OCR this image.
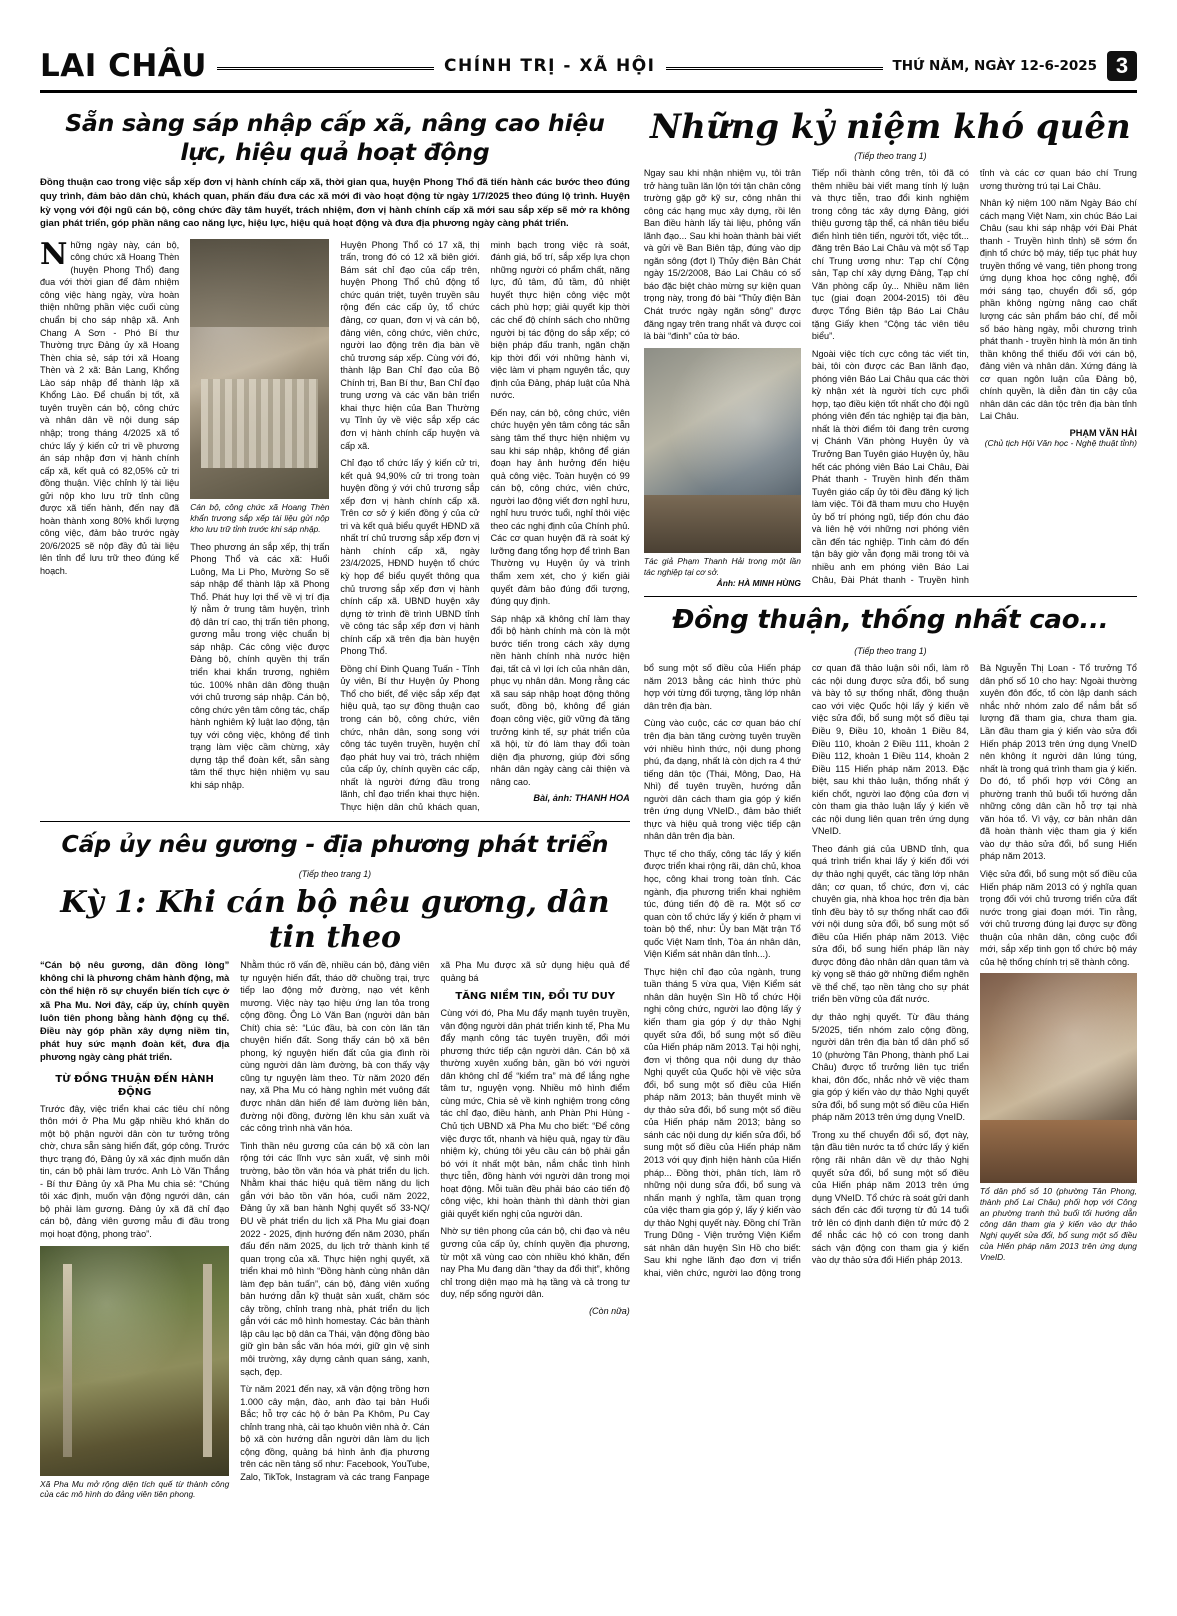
LAI CHÂU	CHÍNH TRỊ - XÃ HỘI	THỨ NĂM, NGÀY 12-6-2025 3
Sẵn sàng sáp nhập cấp xã, nâng cao hiệu lực, hiệu quả hoạt động
Đồng thuận cao trong việc sắp xếp đơn vị hành chính cấp xã, thời gian qua, huyện Phong Thổ đã tiến hành các bước theo đúng quy trình, đảm bảo dân chủ, khách quan, phấn đấu đưa các xã mới đi vào hoạt động từ ngày 1/7/2025 theo đúng lộ trình. Huyện kỳ vọng với đội ngũ cán bộ, công chức đầy tâm huyết, trách nhiệm, đơn vị hành chính cấp xã mới sau sắp xếp sẽ mở ra không gian phát triển, góp phần nâng cao năng lực, hiệu lực, hiệu quả hoạt động và đưa địa phương ngày càng phát triển.

Những ngày này, cán bộ, công chức xã Hoang Thèn (huyện Phong Thổ) đang đua với thời gian để đảm nhiệm công việc hàng ngày, vừa hoàn thiện những phần việc cuối cùng chuẩn bị cho sáp nhập xã. Anh Chang A Sơn - Phó Bí thư Thường trực Đảng ủy xã Hoang Thèn chia sẻ, sáp tới xã Hoang Thèn và 2 xã: Bản Lang, Khổng Lào sáp nhập để thành lập xã Khổng Lào. Để chuẩn bị tốt, xã tuyên truyền cán bộ, công chức và nhân dân về nội dung sáp nhập; trong tháng 4/2025 xã tổ chức lấy ý kiến cử tri về phương án sáp nhập đơn vị hành chính cấp xã, kết quả có 82,05% cử tri đồng thuận. Việc chỉnh lý tài liệu gửi nộp kho lưu trữ tỉnh cũng được xã tiến hành, đến nay đã hoàn thành xong 80% khối lượng công việc, đảm bảo trước ngày 20/6/2025 sẽ nộp đầy đủ tài liệu lên tỉnh để lưu trữ theo đúng kế hoạch.

Cán bộ, công chức xã Hoang Thèn khẩn trương sắp xếp tài liệu gửi nộp kho lưu trữ tỉnh trước khi sáp nhập.

Theo phương án sắp xếp, thị trấn Phong Thổ và các xã: Huổi Luông, Ma Li Pho, Mường So sẽ sáp nhập để thành lập xã Phong Thổ. Phát huy lợi thế về vị trí địa lý nằm ở trung tâm huyện, trình độ dân trí cao, thị trấn tiên phong, gương mẫu trong việc chuẩn bị sáp nhập. Các công việc được Đảng bộ, chính quyền thị trấn triển khai khẩn trương, nghiêm túc. 100% nhân dân đồng thuận với chủ trương sáp nhập. Cán bộ, công chức yên tâm công tác, chấp hành nghiêm kỷ luật lao động, tận tụy với công việc, không để tình trạng làm việc cầm chừng, xảy dựng tập thể đoàn kết, sẵn sàng tâm thế thực hiện nhiệm vụ sau khi sáp nhập.

Huyện Phong Thổ có 17 xã, thị trấn, trong đó có 12 xã biên giới. Bám sát chỉ đạo của cấp trên, huyện Phong Thổ chủ động tổ chức quán triệt, tuyên truyền sâu rộng đến các cấp ủy, tổ chức đảng, cơ quan, đơn vị và cán bộ, đảng viên, công chức, viên chức, người lao động trên địa bàn về chủ trương sáp xếp. Cùng với đó, thành lập Ban Chỉ đạo của Bộ Chính trị, Ban Bí thư, Ban Chỉ đạo trung ương và các văn bản triển khai thực hiện của Ban Thường vụ Tỉnh ủy về việc sắp xếp các đơn vị hành chính cấp huyện và cấp xã.

Chỉ đạo tổ chức lấy ý kiến cử tri, kết quả 94,90% cử tri trong toàn huyện đồng ý với chủ trương sắp xếp đơn vị hành chính cấp xã. Trên cơ sở ý kiến đồng ý của cử tri và kết quả biểu quyết HĐND xã nhất trí chủ trương sắp xếp đơn vị hành chính cấp xã, ngày 23/4/2025, HĐND huyện tổ chức kỳ họp để biểu quyết thông qua chủ trương sắp xếp đơn vị hành chính cấp xã. UBND huyện xây dựng tờ trình đề trình UBND tỉnh về công tác sắp xếp đơn vị hành chính cấp xã trên địa bàn huyện Phong Thổ.

Đồng chí Đinh Quang Tuấn - Tỉnh ủy viên, Bí thư Huyện ủy Phong Thổ cho biết, để việc sắp xếp đạt hiệu quả, tạo sự đồng thuận cao trong cán bộ, công chức, viên chức, nhân dân, song song với công tác tuyên truyền, huyện chỉ đạo phát huy vai trò, trách nhiệm của cấp ủy, chính quyền các cấp, nhất là người đứng đầu trong lãnh, chỉ đạo triển khai thực hiện. Thực hiện dân chủ khách quan, minh bạch trong việc rà soát, đánh giá, bố trí, sắp xếp lựa chọn những người có phẩm chất, năng lực, đủ tâm, đủ tầm, đủ nhiệt huyết thực hiện công việc một cách phù hợp; giải quyết kịp thời các chế độ chính sách cho những người bị tác động do sắp xếp; có biện pháp đấu tranh, ngăn chặn kịp thời đối với những hành vi, việc làm vi phạm nguyên tắc, quy định của Đảng, pháp luật của Nhà nước.

Đến nay, cán bộ, công chức, viên chức huyện yên tâm công tác sẵn sàng tâm thế thực hiện nhiệm vụ sau khi sáp nhập, không để gián đoạn hay ảnh hưởng đến hiệu quả công việc. Toàn huyện có 99 cán bộ, công chức, viên chức, người lao động viết đơn nghỉ hưu, nghỉ hưu trước tuổi, nghỉ thôi việc theo các nghị định của Chính phủ. Các cơ quan huyện đã rà soát ký lưỡng đang tổng hợp để trình Ban Thường vụ Huyện ủy và trình thẩm xem xét, cho ý kiến giải quyết đảm bảo đúng đối tượng, đúng quy định.

Sáp nhập xã không chỉ làm thay đổi bộ hành chính mà còn là một bước tiến trong cách xây dựng nền hành chính nhà nước hiện đại, tất cả vì lợi ích của nhân dân, phục vụ nhân dân. Mong rằng các xã sau sáp nhập hoạt động thông suốt, đồng bộ, không để gián đoạn công việc, giữ vững đà tăng trưởng kinh tế, sự phát triển của xã hội, từ đó làm thay đổi toàn diện địa phương, giúp đời sống nhân dân ngày càng cải thiện và nâng cao.

Bài, ảnh: THANH HOA
Cấp ủy nêu gương - địa phương phát triển
(Tiếp theo trang 1)
Kỳ 1: Khi cán bộ nêu gương, dân tin theo
“Cán bộ nêu gương, dân đồng lòng” không chỉ là phương châm hành động, mà còn thể hiện rõ sự chuyển biến tích cực ở xã Pha Mu. Nơi đây, cấp ủy, chính quyền luôn tiên phong bằng hành động cụ thể. Điều này góp phần xây dựng niềm tin, phát huy sức mạnh đoàn kết, đưa địa phương ngày càng phát triển.
TỪ ĐỒNG THUẬN ĐẾN HÀNH ĐỘNG

Trước đây, việc triển khai các tiêu chí nông thôn mới ở Pha Mu gặp nhiều khó khăn do một bộ phận người dân còn tư tưởng trông chờ, chưa sẵn sàng hiến đất, góp công. Trước thực trạng đó, Đảng ủy xã xác định muốn dân tin, cán bộ phải làm trước. Anh Lò Văn Thắng - Bí thư Đảng ủy xã Pha Mu chia sẻ: “Chúng tôi xác định, muốn vận động ngưới dân, cán bộ phải làm gương. Đảng ủy xã đã chỉ đạo cán bộ, đảng viên gương mẫu đi đầu trong mọi hoạt động, phong trào”.

Xã Pha Mu mở rộng diện tích quế từ thành công của các mô hình do đảng viên tiên phong.

Nhằm thúc rõ vấn đề, nhiều cán bộ, đảng viên tự nguyện hiến đất, tháo dỡ chuồng trại, trực tiếp lao động mở đường, nạo vét kênh mương. Việc này tạo hiệu ứng lan tỏa trong cộng đồng. Ông Lò Văn Ban (người dân bản Chít) chia sẻ: “Lúc đầu, bà con còn lăn tăn chuyện hiến đất. Song thấy cán bộ xã bên phong, ký nguyện hiến đất của gia đình rồi cùng người dân làm đường, bà con thấy vậy cũng tự nguyện làm theo. Từ năm 2020 đến nay, xã Pha Mu có hàng nghìn mét vuông đất được nhân dân hiến để làm đường liên bản, đường nội đồng, đường lên khu sản xuất và các công trình nhà văn hóa.

Tinh thần nêu gương của cán bộ xã còn lan rộng tới các lĩnh vực sản xuất, vệ sinh môi trường, bảo tồn văn hóa và phát triển du lịch. Nhằm khai thác hiệu quả tiềm năng du lịch gắn với bảo tồn văn hóa, cuối năm 2022, Đảng ủy xã ban hành Nghị quyết số 33-NQ/ĐU về phát triển du lịch xã Pha Mu giai đoạn 2022 - 2025, định hướng đến năm 2030, phấn đấu đến năm 2025, du lịch trở thành kinh tế quan trọng của xã. Thực hiện nghị quyết, xã triển khai mô hình “Đồng hành cùng nhân dân làm đẹp bản tuấn”, cán bộ, đảng viên xuống bản hướng dẫn kỹ thuật sản xuất, chăm sóc cây trồng, chỉnh trang nhà, phát triển du lịch gắn với các mô hình homestay. Các bản thành lập câu lạc bộ dân ca Thái, vận động đồng bào giữ gìn bản sắc văn hóa mới, giữ gìn vệ sinh môi trường, xây dựng cảnh quan sáng, xanh, sạch, đẹp.

Từ năm 2021 đến nay, xã vận động trồng hơn 1.000 cây mận, đào, anh đào tại bản Huổi Bắc; hỗ trợ các hộ ở bản Pa Khôm, Pu Cay chỉnh trang nhà, cải tạo khuôn viên nhà ở. Cán bộ xã còn hướng dẫn người dân làm du lịch cộng đồng, quảng bá hình ảnh địa phương trên các nền tảng số như: Facebook, YouTube, Zalo, TikTok, Instagram và các trang Fanpage xã Pha Mu được xã sử dụng hiệu quả để quảng bá

TĂNG NIỀM TIN, ĐỔI TƯ DUY

Cùng với đó, Pha Mu đẩy mạnh tuyên truyền, vận động người dân phát triển kinh tế, Pha Mu đẩy mạnh công tác tuyên truyền, đổi mới phương thức tiếp cận người dân. Cán bộ xã thường xuyên xuống bản, gần bó với người dân không chỉ để “kiểm tra” mà để lắng nghe tâm tư, nguyện vọng. Nhiều mô hình điểm cùng mức, Chia sẻ về kinh nghiệm trong công tác chỉ đạo, điều hành, anh Phàn Phi Hùng - Chủ tịch UBND xã Pha Mu cho biết: “Để công việc được tốt, nhanh và hiệu quả, ngay từ đầu nhiệm kỳ, chúng tôi yêu cầu cán bộ phải gắn bó với ít nhất một bản, nắm chắc tình hình thực tiễn, đồng hành với người dân trong mọi hoạt động. Mỗi tuần đều phải báo cáo tiến độ công việc, khi hoàn thành thì dành thời gian giải quyết kiến nghị của người dân.

Nhờ sự tiên phong của cán bộ, chi đạo và nêu gương của cấp ủy, chính quyền địa phương, từ một xã vùng cao còn nhiều khó khăn, đến nay Pha Mu đang dần “thay da đổi thịt”, không chỉ trong diện mạo mà hạ tầng và cả trong tư duy, nếp sống người dân.

(Còn nữa)
Những kỷ niệm khó quên
(Tiếp theo trang 1)

Ngay sau khi nhận nhiệm vụ, tôi trân trở hàng tuần lăn lộn tới tận chân công trường gặp gỡ kỹ sư, công nhân thi công các hạng mục xây dựng, rồi lên Ban điều hành lấy tài liệu, phỏng vấn lãnh đạo... Sau khi hoàn thành bài viết và gửi về Ban Biên tập, đúng vào dịp ngăn sông (đợt I) Thủy điện Bản Chát ngày 15/2/2008, Báo Lai Châu có số báo đặc biệt chào mừng sự kiện quan trọng này, trong đó bài “Thủy điện Bản Chát trước ngày ngăn sông” được đăng ngay trên trang nhất và được coi là bài “đinh” của tờ báo.

Tác giả Phạm Thanh Hải trong một lần tác nghiệp tại cơ sở.
Ảnh: HÀ MINH HÙNG

Tiếp nối thành công trên, tôi đã có thêm nhiều bài viết mang tính lý luận và thực tiễn, trao đổi kinh nghiệm trong công tác xây dựng Đảng, giới thiệu gương tập thể, cá nhân tiêu biểu điển hình tiên tiến, người tốt, việc tốt... đăng trên Báo Lai Châu và một số Tạp chí Trung ương như: Tạp chí Cộng sản, Tạp chí xây dựng Đảng, Tạp chí Văn phòng cấp ủy... Nhiều năm liên tục (giai đoạn 2004-2015) tôi đều được Tổng Biên tập Báo Lai Châu tặng Giấy khen “Cộng tác viên tiêu biểu”.

Ngoài việc tích cực công tác viết tin, bài, tôi còn được các Ban lãnh đạo, phóng viên Báo Lai Châu qua các thời kỳ nhận xét là người tích cực phối hợp, tạo điều kiện tốt nhất cho đội ngũ phóng viên đến tác nghiệp tại địa bàn, nhất là thời điểm tôi đang trên cương vị Chánh Văn phòng Huyện ủy và Trưởng Ban Tuyên giáo Huyện ủy, hầu hết các phóng viên Báo Lai Châu, Đài Phát thanh - Truyền hình đến thăm Tuyên giáo cấp ủy tôi đều đăng ký lịch làm việc. Tôi đã tham mưu cho Huyện ủy bố trí phóng ngũ, tiếp đón chu đáo và liên hệ với những nơi phóng viên cần đến tác nghiệp. Tình cảm đó đến tận bây giờ vẫn đọng mãi trong tôi và nhiều anh em phóng viên Báo Lai Châu, Đài Phát thanh - Truyền hình tỉnh và các cơ quan báo chí Trung ương thường trú tại Lai Châu.

Nhân kỷ niệm 100 năm Ngày Báo chí cách mạng Việt Nam, xin chúc Báo Lai Châu (sau khi sáp nhập với Đài Phát thanh - Truyền hình tỉnh) sẽ sớm ổn định tổ chức bộ máy, tiếp tục phát huy truyền thống vẻ vang, tiên phong trong ứng dụng khoa học công nghệ, đổi mới sáng tạo, chuyển đổi số, góp phần không ngừng nâng cao chất lượng các sản phẩm báo chí, để mỗi số báo hàng ngày, mỗi chương trình phát thanh - truyền hình là món ăn tinh thần không thể thiếu đối với cán bộ, đảng viên và nhân dân. Xứng đáng là cơ quan ngôn luận của Đảng bộ, chính quyền, là diễn đàn tin cậy của nhân dân các dân tộc trên địa bàn tỉnh Lai Châu.

PHẠM VĂN HẢI
(Chủ tịch Hội Văn học - Nghệ thuật tỉnh)
Đồng thuận, thống nhất cao...
(Tiếp theo trang 1)

bổ sung một số điều của Hiến pháp năm 2013 bằng các hình thức phù hợp với từng đối tượng, tầng lớp nhân dân trên địa bàn.

Cùng vào cuộc, các cơ quan báo chí trên địa bàn tăng cường tuyên truyền với nhiều hình thức, nội dung phong phú, đa dạng, nhất là còn dịch ra 4 thứ tiếng dân tộc (Thái, Mông, Dao, Hà Nhì) để tuyên truyền, hướng dẫn người dân cách tham gia góp ý kiến trên ứng dụng VNeID., đảm bảo thiết thực và hiệu quả trong việc tiếp cận nhân dân trên địa bàn.

Thực tế cho thấy, công tác lấy ý kiến được triển khai rộng rãi, dân chủ, khoa học, công khai trong toàn tỉnh. Các ngành, địa phương triển khai nghiêm túc, đúng tiến độ đề ra. Một số cơ quan còn tổ chức lấy ý kiến ở phạm vi toàn bộ thể, như: Ủy ban Mặt trận Tổ quốc Việt Nam tỉnh, Tòa án nhân dân, Viện Kiểm sát nhân dân tỉnh...).

Thực hiện chỉ đạo của ngành, trung tuần tháng 5 vừa qua, Viện Kiểm sát nhân dân huyện Sìn Hồ tổ chức Hội nghị công chức, người lao động lấy ý kiến tham gia góp ý dự thảo Nghị quyết sửa đổi, bổ sung một số điều của Hiến pháp năm 2013. Tại hội nghị, đơn vị thông qua nội dung dự thảo Nghị quyết của Quốc hội về việc sửa đổi, bổ sung một số điều của Hiến pháp năm 2013; bản thuyết minh về dự thảo sửa đổi, bổ sung một số điều của Hiến pháp năm 2013; bảng so sánh các nội dung dự kiến sửa đổi, bổ sung một số điều của Hiến pháp năm 2013 với quy định hiện hành của Hiến pháp... Đồng thời, phân tích, làm rõ những nội dung sửa đổi, bổ sung và nhấn mạnh ý nghĩa, tầm quan trọng của việc tham gia góp ý, lấy ý kiến vào dự thảo Nghị quyết này. Đồng chí Trần Trung Dũng - Viện trưởng Viện Kiểm sát nhân dân huyện Sìn Hồ cho biết: Sau khi nghe lãnh đạo đơn vị triển khai, viên chức, người lao động trong cơ quan đã thảo luận sôi nổi, làm rõ các nội dung được sửa đổi, bổ sung và bày tỏ sự thống nhất, đồng thuận cao với việc Quốc hội lấy ý kiến về việc sửa đổi, bổ sung một số điều tại Điều 9, Điều 10, khoản 1 Điều 84, Điều 110, khoản 2 Điều 111, khoản 2 Điều 112, khoản 1 Điều 114, khoản 2 Điều 115 Hiến pháp năm 2013. Đặc biệt, sau khi thảo luận, thống nhất ý kiến chốt, người lao động của đơn vị còn tham gia thảo luận lấy ý kiến về các nội dung liên quan trên ứng dụng VNeID.

Theo đánh giá của UBND tỉnh, qua quá trình triển khai lấy ý kiến đối với dự thảo nghị quyết, các tầng lớp nhân dân; cơ quan, tổ chức, đơn vị, các chuyên gia, nhà khoa học trên địa bàn tỉnh đều bày tỏ sự thống nhất cao đối với nội dung sửa đổi, bổ sung một số điều của Hiến pháp năm 2013. Việc sửa đổi, bổ sung hiến pháp lần này được đông đảo nhân dân quan tâm và kỳ vọng sẽ tháo gỡ những điểm nghẽn về thể chế, tạo nền tảng cho sự phát triển bền vững của đất nước.

dự thảo nghị quyết. Từ đầu tháng 5/2025, tiến nhóm zalo cộng đồng, người dân trên địa bàn tổ dân phố số 10 (phường Tân Phong, thành phố Lai Châu) được tổ trưởng liên tục triển khai, đôn đốc, nhắc nhở về việc tham gia góp ý kiến vào dự thảo Nghị quyết sửa đổi, bổ sung một số điều của Hiến pháp năm 2013 trên ứng dụng VneID.

Trong xu thế chuyển đổi số, đợt này, tận đầu tiên nước ta tổ chức lấy ý kiến rộng rãi nhân dân về dự thảo Nghị quyết sửa đổi, bổ sung một số điều của Hiến pháp năm 2013 trên ứng dụng VNeID. Tổ chức rà soát gửi danh sách đến các đối tượng từ đủ 14 tuổi trở lên có định danh điện tử mức độ 2 để nhắc các hộ có con trong danh sách vận động con tham gia ý kiến vào dự thảo sửa đổi Hiến pháp 2013.

Bà Nguyễn Thị Loan - Tổ trưởng Tổ dân phố số 10 cho hay: Ngoài thường xuyên đôn đốc, tổ còn lập danh sách nhắc nhở nhóm zalo để nắm bắt số lượng đã tham gia, chưa tham gia. Lần đầu tham gia ý kiến vào sửa đổi Hiến pháp 2013 trên ứng dụng VneID nên không ít người dân lúng túng, nhất là trong quá trình tham gia ý kiến. Do đó, tổ phối hợp với Công an phường tranh thủ buổi tối hướng dẫn những công dân cần hỗ trợ tại nhà văn hóa tổ. Vì vậy, cơ bản nhân dân đã hoàn thành việc tham gia ý kiến vào dự thảo sửa đổi, bổ sung Hiến pháp năm 2013.

Việc sửa đổi, bổ sung một số điều của Hiến pháp năm 2013 có ý nghĩa quan trọng đối với chủ trương triển cửa đất nước trong giai đoạn mới. Tin rằng, với chủ trương đúng lại được sự đồng thuận của nhân dân, công cuộc đổi mới, sắp xếp tinh gọn tổ chức bộ máy của hệ thống chính trị sẽ thành công.

Tổ dân phố số 10 (phường Tân Phong, thành phố Lai Châu) phối hợp với Công an phường tranh thủ buổi tối hướng dẫn công dân tham gia ý kiến vào dự thảo Nghị quyết sửa đổi, bổ sung một số điều của Hiến pháp năm 2013 trên ứng dụng VneID.
